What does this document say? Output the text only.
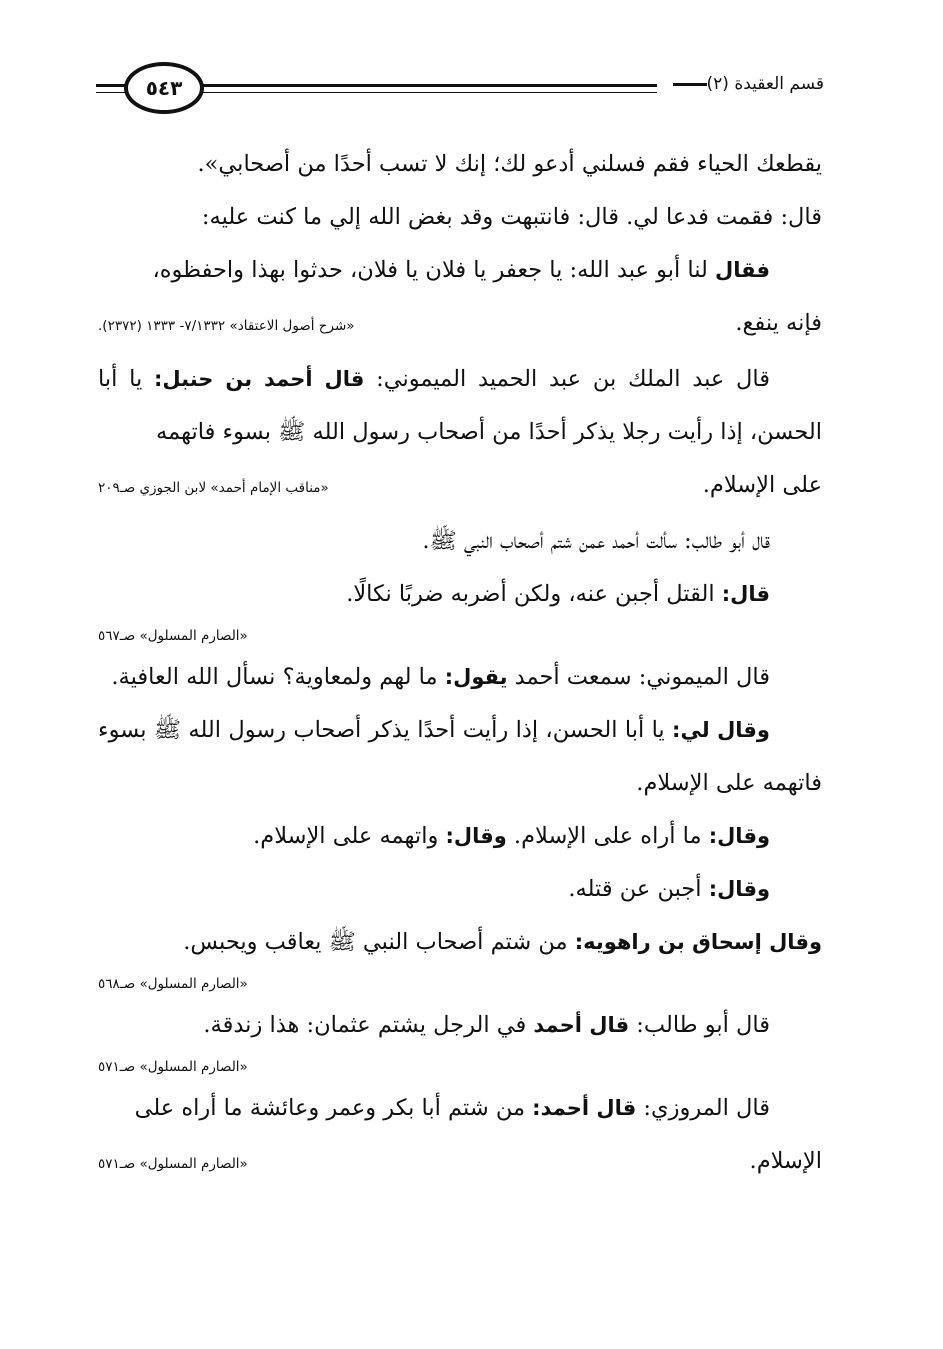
٥٤٣	قسم العقيدة (٢)

يقطعك الحياء فقم فسلني أدعو لك؛ إنك لا تسب أحدًا من أصحابي».

قال: فقمت فدعا لي. قال: فانتبهت وقد بغض الله إلي ما كنت عليه:

فقال لنا أبو عبد الله: يا جعفر يا فلان يا فلان، حدثوا بهذا واحفظوه،

فإنه ينفع.
«شرح أصول الاعتقاد» ٧/١٣٣٢- ١٣٣٣ (٢٣٧٢).

قال عبد الملك بن عبد الحميد الميموني: قال أحمد بن حنبل: يا أبا الحسن، إذا رأيت رجلا يذكر أحدًا من أصحاب رسول الله ﷺ بسوء فاتهمه

على الإسلام.
«مناقب الإمام أحمد» لابن الجوزي صـ٢٠٩

قال أبو طالب: سألت أحمد عمن شتم أصحاب النبي ﷺ.

قال: القتل أجبن عنه، ولكن أضربه ضربًا نكالًا.

«الصارم المسلول» صـ٥٦٧

قال الميموني: سمعت أحمد يقول: ما لهم ولمعاوية؟ نسأل الله العافية.

وقال لي: يا أبا الحسن، إذا رأيت أحدًا يذكر أصحاب رسول الله ﷺ بسوء فاتهمه على الإسلام.

وقال: ما أراه على الإسلام. وقال: واتهمه على الإسلام.

وقال: أجبن عن قتله.

وقال إسحاق بن راهويه: من شتم أصحاب النبي ﷺ يعاقب ويحبس.

«الصارم المسلول» صـ٥٦٨

قال أبو طالب: قال أحمد في الرجل يشتم عثمان: هذا زندقة.

«الصارم المسلول» صـ٥٧١

قال المروزي: قال أحمد: من شتم أبا بكر وعمر وعائشة ما أراه على

الإسلام.
«الصارم المسلول» صـ٥٧١
